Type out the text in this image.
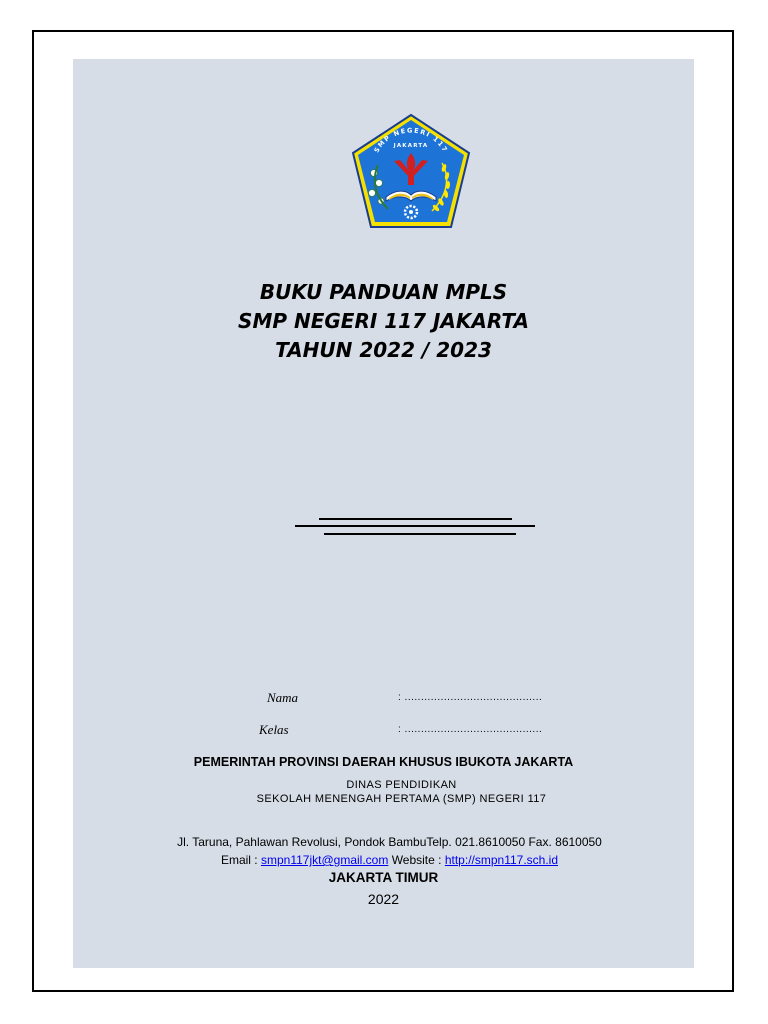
SMP NEGERI 117
JAKARTA
BUKU PANDUAN MPLS
SMP NEGERI 117 JAKARTA
TAHUN 2022 / 2023
Nama	: ..........................................
Kelas	: ..........................................
PEMERINTAH PROVINSI DAERAH KHUSUS IBUKOTA JAKARTA
DINAS PENDIDIKAN
SEKOLAH MENENGAH PERTAMA (SMP) NEGERI 117
Jl. Taruna, Pahlawan Revolusi, Pondok BambuTelp. 021.8610050 Fax. 8610050
Email : smpn117jkt@gmail.com Website : http://smpn117.sch.id
JAKARTA TIMUR
2022
